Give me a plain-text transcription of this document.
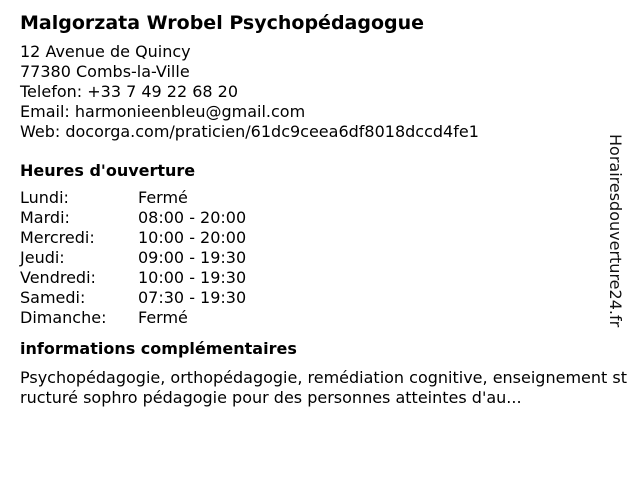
Malgorzata Wrobel Psychopédagogue
12 Avenue de Quincy
77380 Combs-la-Ville
Telefon: +33 7 49 22 68 20
Email: harmonieenbleu@gmail.com
Web: docorga.com/praticien/61dc9ceea6df8018dccd4fe1
Heures d'ouverture
Lundi:	Fermé
Mardi:	08:00 - 20:00
Mercredi:	10:00 - 20:00
Jeudi:	09:00 - 19:30
Vendredi:	10:00 - 19:30
Samedi:	07:30 - 19:30
Dimanche:	Fermé
informations complémentaires
Psychopédagogie, orthopédagogie, remédiation cognitive, enseignement structuré sophro pédagogie pour des personnes atteintes d'au...
Horairesdouverture24.fr
